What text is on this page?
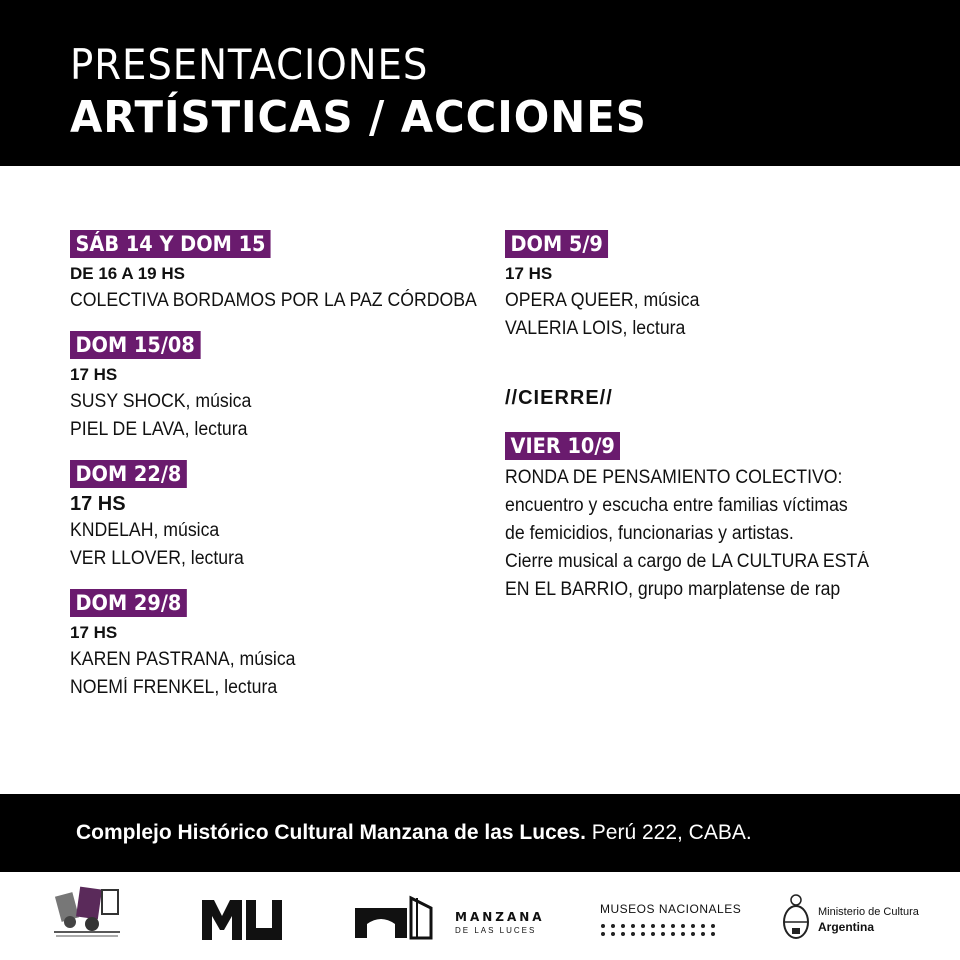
PRESENTACIONES
ARTÍSTICAS / ACCIONES
SÁB 14 Y DOM 15
DE 16 A 19 HS
COLECTIVA BORDAMOS POR LA PAZ CÓRDOBA
DOM 15/08
17 HS
SUSY SHOCK, música
PIEL DE LAVA, lectura
DOM 22/8
17 HS
KNDELAH, música
VER LLOVER, lectura
DOM 29/8
17 HS
KAREN PASTRANA, música
NOEMÍ FRENKEL, lectura
DOM 5/9
17 HS
OPERA QUEER, música
VALERIA LOIS, lectura
//CIERRE//
VIER 10/9
RONDA DE PENSAMIENTO COLECTIVO:
encuentro y escucha entre familias víctimas
de femicidios, funcionarias y artistas.
Cierre musical a cargo de LA CULTURA ESTÁ
EN EL BARRIO, grupo marplatense de rap
Complejo Histórico Cultural Manzana de las Luces. Perú 222, CABA.
MANZANA
DE LAS LUCES
MUSEOS NACIONALES	Ministerio de Cultura
Argentina
